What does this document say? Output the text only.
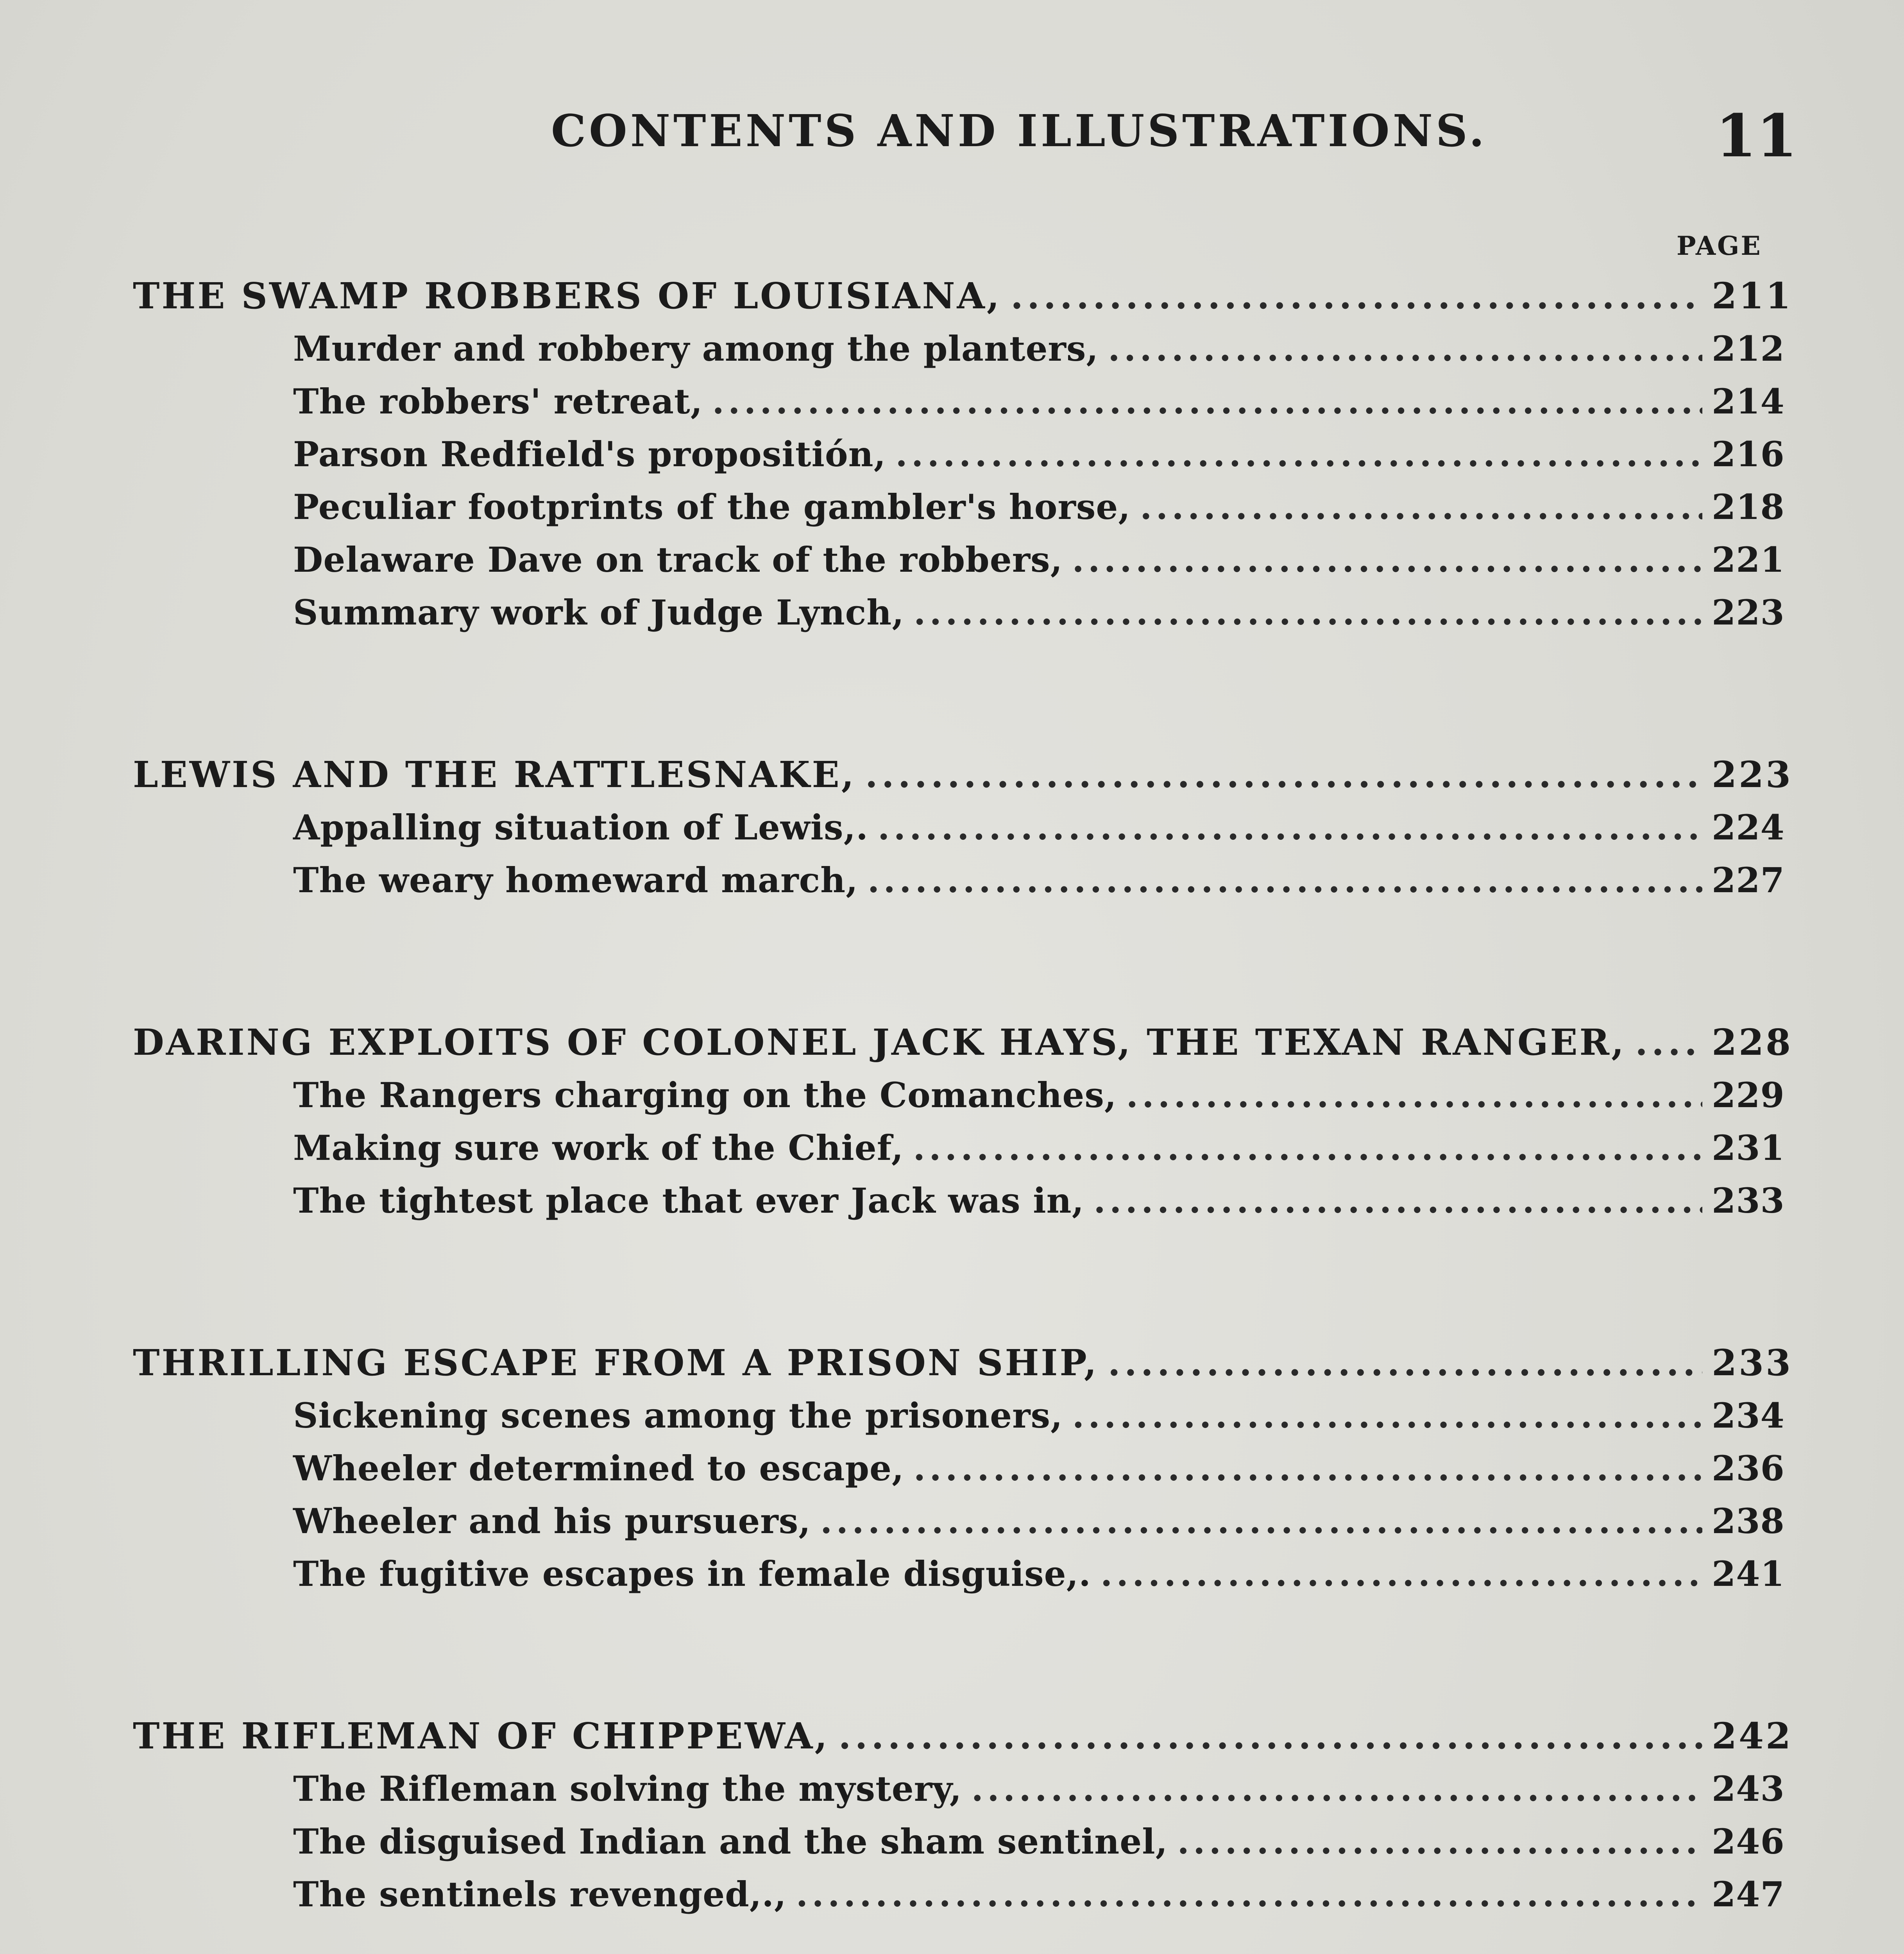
CONTENTS AND ILLUSTRATIONS.	11
PAGE
THE SWAMP ROBBERS OF LOUISIANA, .....	211
Murder and robbery among the planters, .....	212
The robbers' retreat, .....	214
Parson Redfield's propositión, .....	216
Peculiar footprints of the gambler's horse, .....	218
Delaware Dave on track of the robbers, .....	221
Summary work of Judge Lynch, .....	223
LEWIS AND THE RATTLESNAKE, .....	223
Appalling situation of Lewis,. .....	224
The weary homeward march, .....	227
DARING EXPLOITS OF COLONEL JACK HAYS, THE TEXAN RANGER, ..... 228
The Rangers charging on the Comanches, .....	229
Making sure work of the Chief, .....	231
The tightest place that ever Jack was in, .....	233
THRILLING ESCAPE FROM A PRISON SHIP, .....	233
Sickening scenes among the prisoners, .....	234
Wheeler determined to escape, .....	236
Wheeler and his pursuers, .....	238
The fugitive escapes in female disguise,. .....	241
THE RIFLEMAN OF CHIPPEWA, .....	242
The Rifleman solving the mystery, .....	243
The disguised Indian and the sham sentinel, .....	246
The sentinels revenged,., .....	247
